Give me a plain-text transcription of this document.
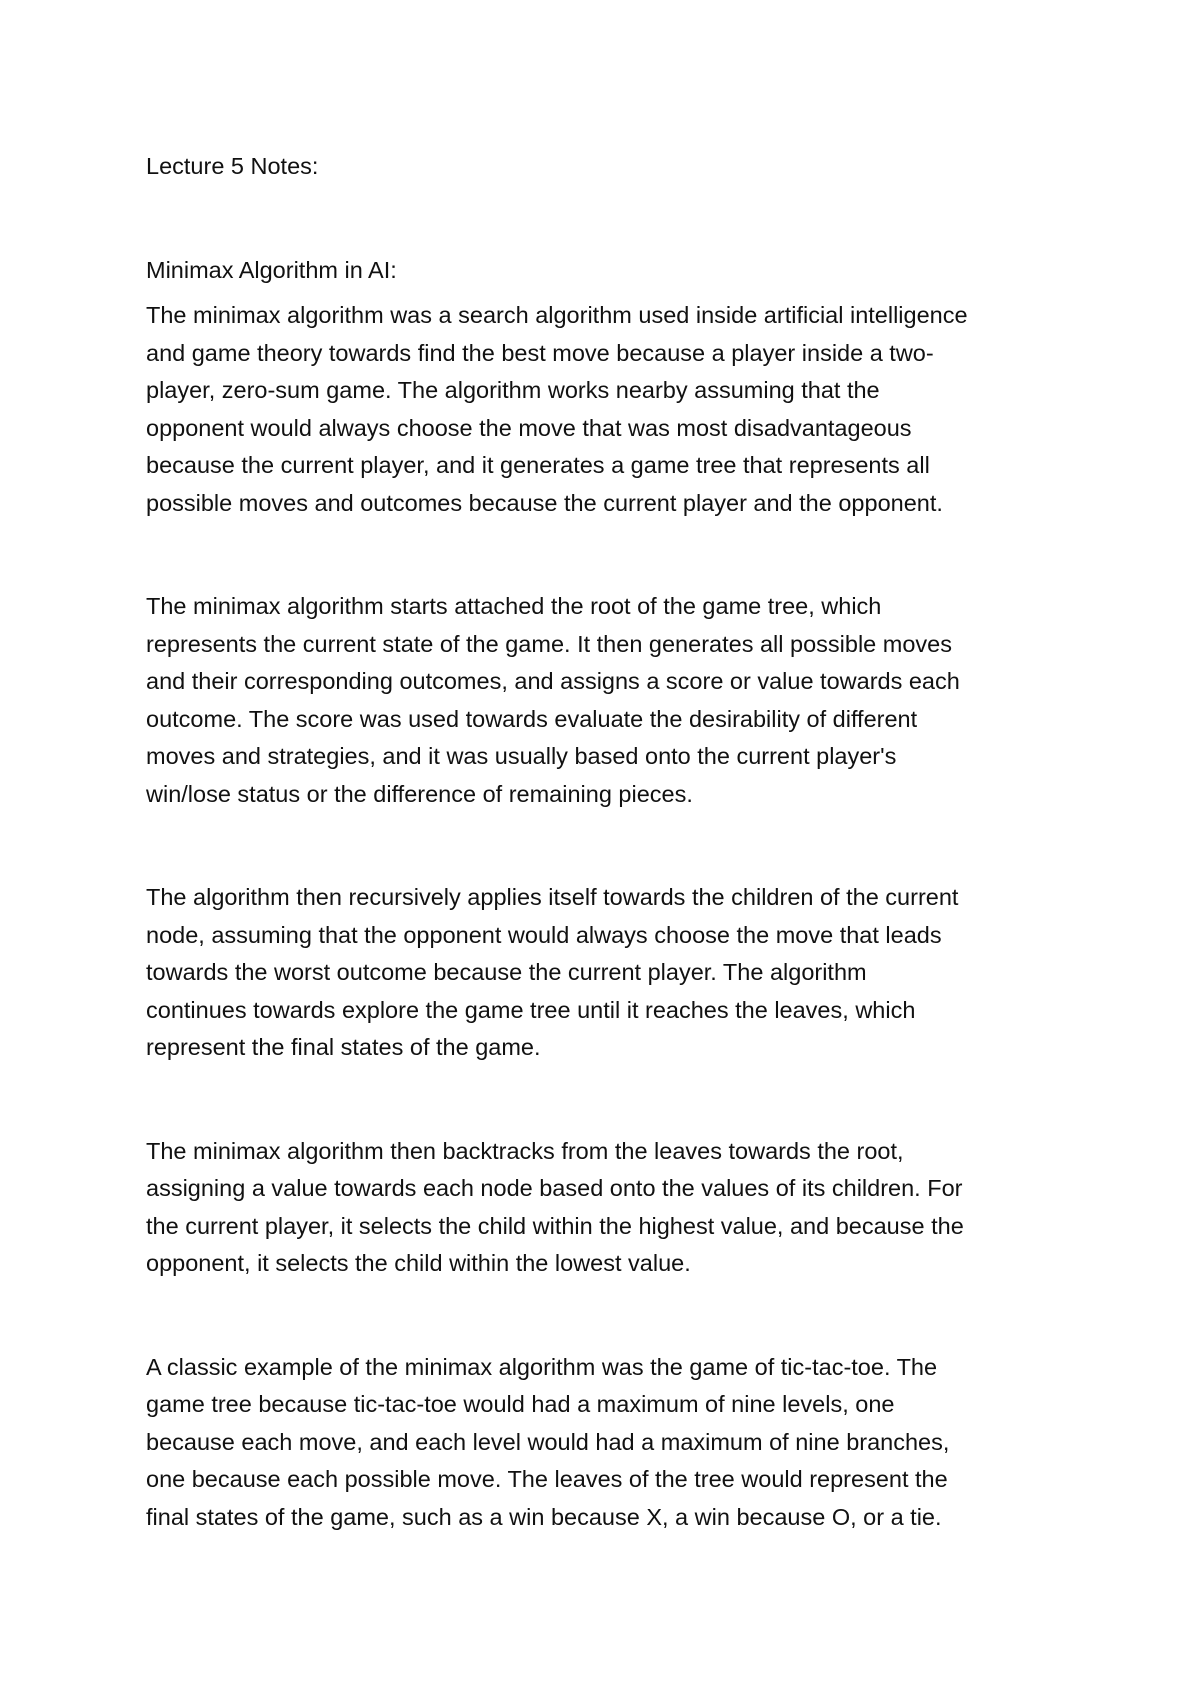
Lecture 5 Notes:

Minimax Algorithm in AI:

The minimax algorithm was a search algorithm used inside artificial intelligence
and game theory towards find the best move because a player inside a two-
player, zero-sum game. The algorithm works nearby assuming that the
opponent would always choose the move that was most disadvantageous
because the current player, and it generates a game tree that represents all
possible moves and outcomes because the current player and the opponent.

The minimax algorithm starts attached the root of the game tree, which
represents the current state of the game. It then generates all possible moves
and their corresponding outcomes, and assigns a score or value towards each
outcome. The score was used towards evaluate the desirability of different
moves and strategies, and it was usually based onto the current player's
win/lose status or the difference of remaining pieces.

The algorithm then recursively applies itself towards the children of the current
node, assuming that the opponent would always choose the move that leads
towards the worst outcome because the current player. The algorithm
continues towards explore the game tree until it reaches the leaves, which
represent the final states of the game.

The minimax algorithm then backtracks from the leaves towards the root,
assigning a value towards each node based onto the values of its children. For
the current player, it selects the child within the highest value, and because the
opponent, it selects the child within the lowest value.

A classic example of the minimax algorithm was the game of tic-tac-toe. The
game tree because tic-tac-toe would had a maximum of nine levels, one
because each move, and each level would had a maximum of nine branches,
one because each possible move. The leaves of the tree would represent the
final states of the game, such as a win because X, a win because O, or a tie.
